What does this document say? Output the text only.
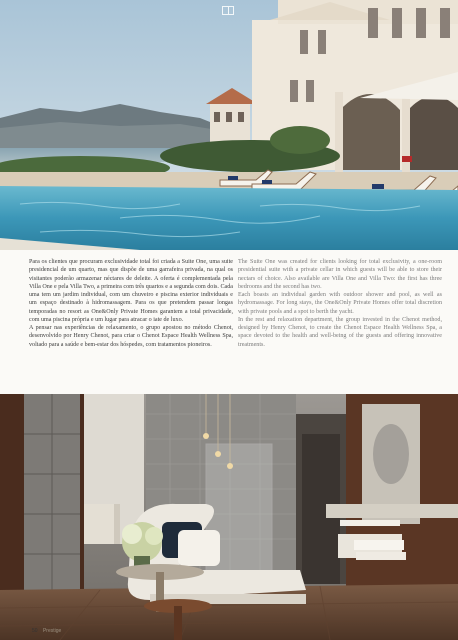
Para os clientes que procuram exclusividade total foi criada a Suite One, uma suite presidencial de um quarto, mas que dispõe de uma garrafeira privada, na qual os visitantes poderão armazenar néctares de deleite. A oferta é complementada pela Villa One e pela Villa Two, a primeira com três quartos e a segunda com dois. Cada uma tem um jardim individual, com um chuveiro e piscina exterior individuais e um espaço destinado à hidromassagem. Para os que pretendem passar longas temporadas no resort as One&Only Private Homes garantem a total privacidade, com uma piscina própria e um lugar para atracar o iate de luxo.

A pensar nas experiências de relaxamento, o grupo apostou no método Chenot, desenvolvido por Henry Chenot, para criar o Chenot Espace Health Wellness Spa, voltado para a saúde e bem-estar dos hóspedes, com tratamentos pioneiros.

The Suite One was created for clients looking for total exclusivity, a one-room presidential suite with a private cellar in which guests will be able to store their nectars of choice. Also available are Villa One and Villa Two: the first has three bedrooms and the second has two.

Each boasts an individual garden with outdoor shower and pool, as well as hydromassage. For long stays, the One&Only Private Homes offer total discretion with private pools and a spot to berth the yacht.

In the rest and relaxation department, the group invested in the Chenot method, designed by Henry Chenot, to create the Chenot Espace Health Wellness Spa, a space devoted to the health and well-being of the guests and offering innovative treatments.

50 Prestige
